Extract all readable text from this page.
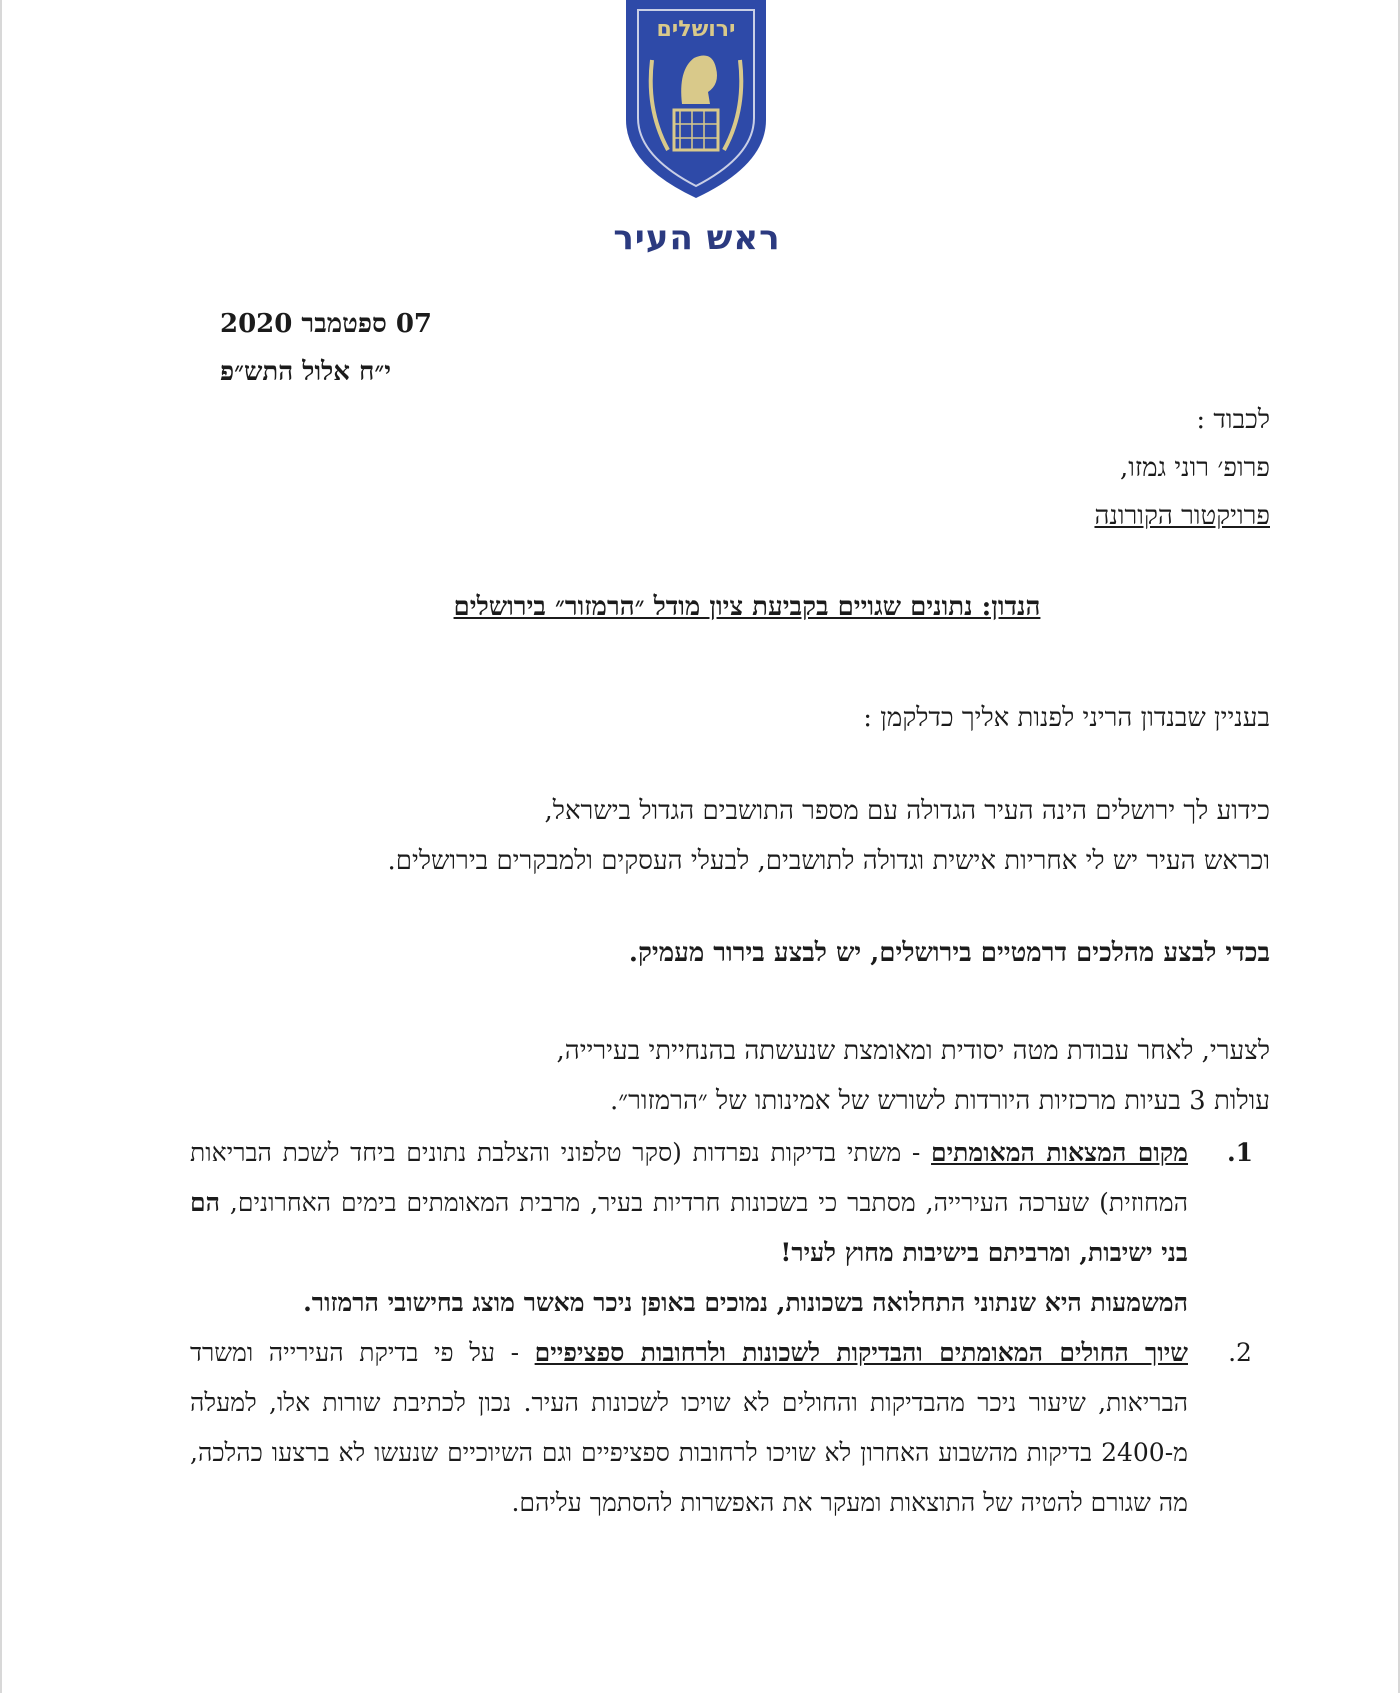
ירושלים
ראש העיר
07 ספטמבר 2020
י״ח אלול התש״פ
לכבוד :
פרופ׳ רוני גמזו,
פרויקטור הקורונה
הנדון: נתונים שגויים בקביעת ציון מודל ״הרמזור״ בירושלים
בעניין שבנדון הריני לפנות אליך כדלקמן :
כידוע לך ירושלים הינה העיר הגדולה עם מספר התושבים הגדול בישראל,
וכראש העיר יש לי אחריות אישית וגדולה לתושבים, לבעלי העסקים ולמבקרים בירושלים.
בכדי לבצע מהלכים דרמטיים בירושלים, יש לבצע בירור מעמיק.
לצערי, לאחר עבודת מטה יסודית ומאומצת שנעשתה בהנחייתי בעירייה,
עולות 3 בעיות מרכזיות היורדות לשורש של אמינותו של ״הרמזור״.
1.
מקום המצאות המאומתים - משתי בדיקות נפרדות (סקר טלפוני והצלבת נתונים ביחד לשכת הבריאות המחוזית) שערכה העירייה, מסתבר כי בשכונות חרדיות בעיר, מרבית המאומתים בימים האחרונים, הם בני ישיבות, ומרביתם בישיבות מחוץ לעיר!
המשמעות היא שנתוני התחלואה בשכונות, נמוכים באופן ניכר מאשר מוצג בחישובי הרמזור.
2.
שיוך החולים המאומתים והבדיקות לשכונות ולרחובות ספציפיים - על פי בדיקת העירייה ומשרד הבריאות, שיעור ניכר מהבדיקות והחולים לא שויכו לשכונות העיר. נכון לכתיבת שורות אלו, למעלה מ-2400 בדיקות מהשבוע האחרון לא שויכו לרחובות ספציפיים וגם השיוכיים שנעשו לא ברצעו כהלכה, מה שגורם להטיה של התוצאות ומעקר את האפשרות להסתמך עליהם.
